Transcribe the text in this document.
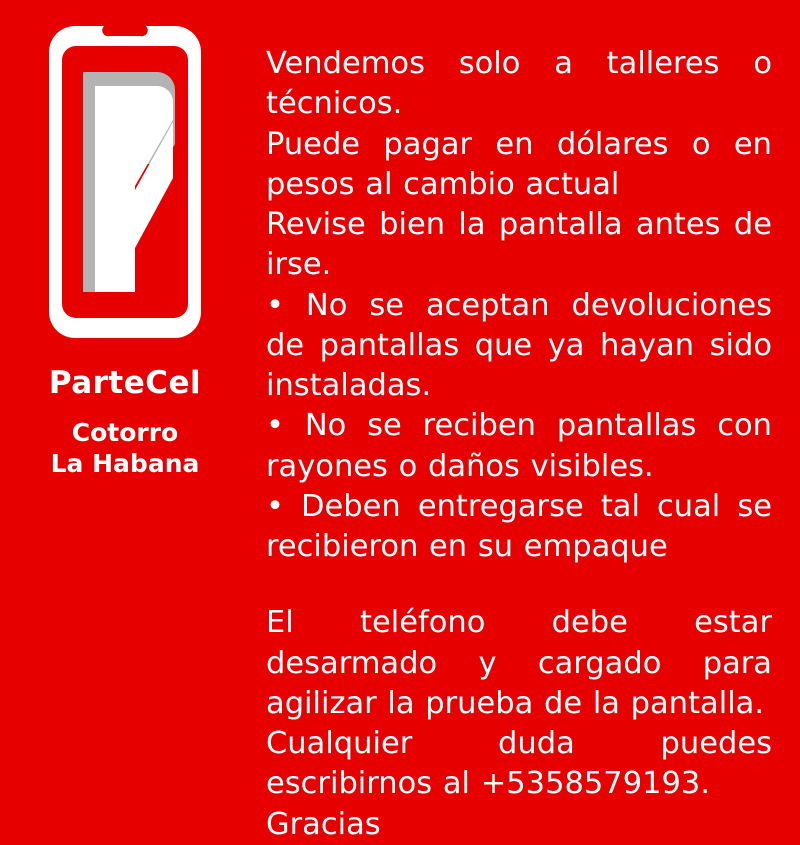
ParteCel
Cotorro
La Habana

Vendemos solo a talleres o técnicos.

Puede pagar en dólares o en pesos al cambio actual

Revise bien la pantalla antes de irse.

• No se aceptan devoluciones de pantallas que ya hayan sido instaladas.

• No se reciben pantallas con rayones o daños visibles.

• Deben entregarse tal cual se recibieron en su empaque

El teléfono debe estar desarmado y cargado para agilizar la prueba de la pantalla.

Cualquier duda puedes escribirnos al +5358579193.

Gracias
